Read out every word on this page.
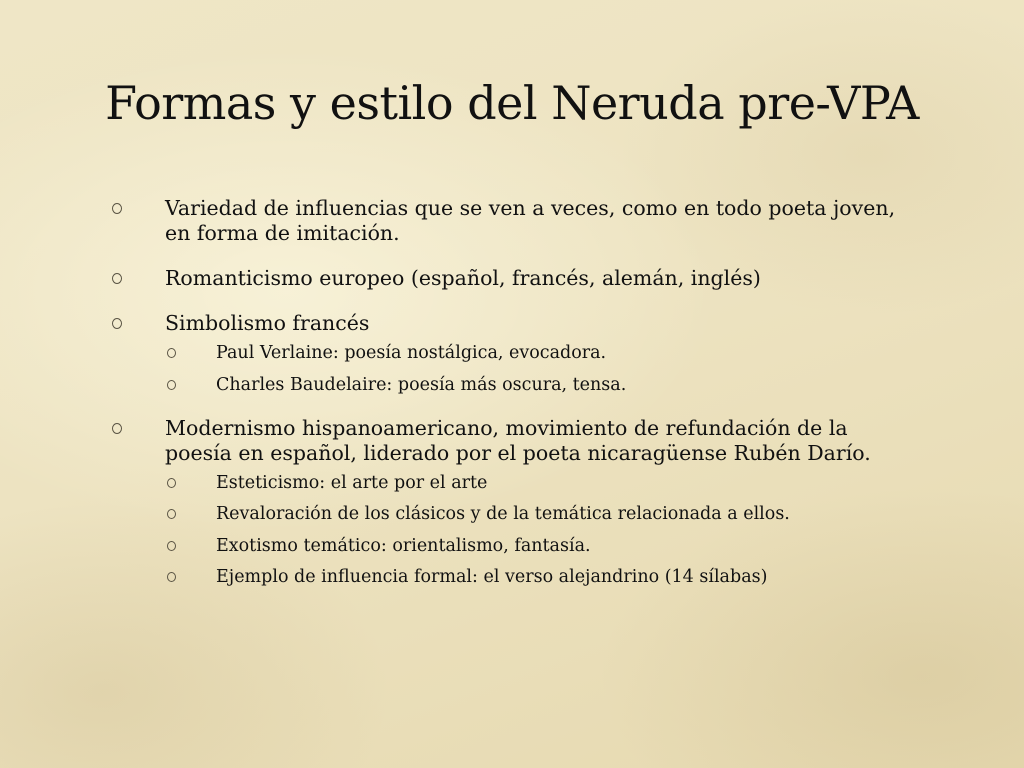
Formas y estilo del Neruda pre-VPA
Variedad de influencias que se ven a veces, como en todo poeta joven, en forma de imitación.
Romanticismo europeo (español, francés, alemán, inglés)
Simbolismo francés
Paul Verlaine: poesía nostálgica, evocadora.
Charles Baudelaire: poesía más oscura, tensa.
Modernismo hispanoamericano, movimiento de refundación de la poesía en español, liderado por el poeta nicaragüense Rubén Darío.
Esteticismo: el arte por el arte
Revaloración de los clásicos y de la temática relacionada a ellos.
Exotismo temático: orientalismo, fantasía.
Ejemplo de influencia formal: el verso alejandrino (14 sílabas)
